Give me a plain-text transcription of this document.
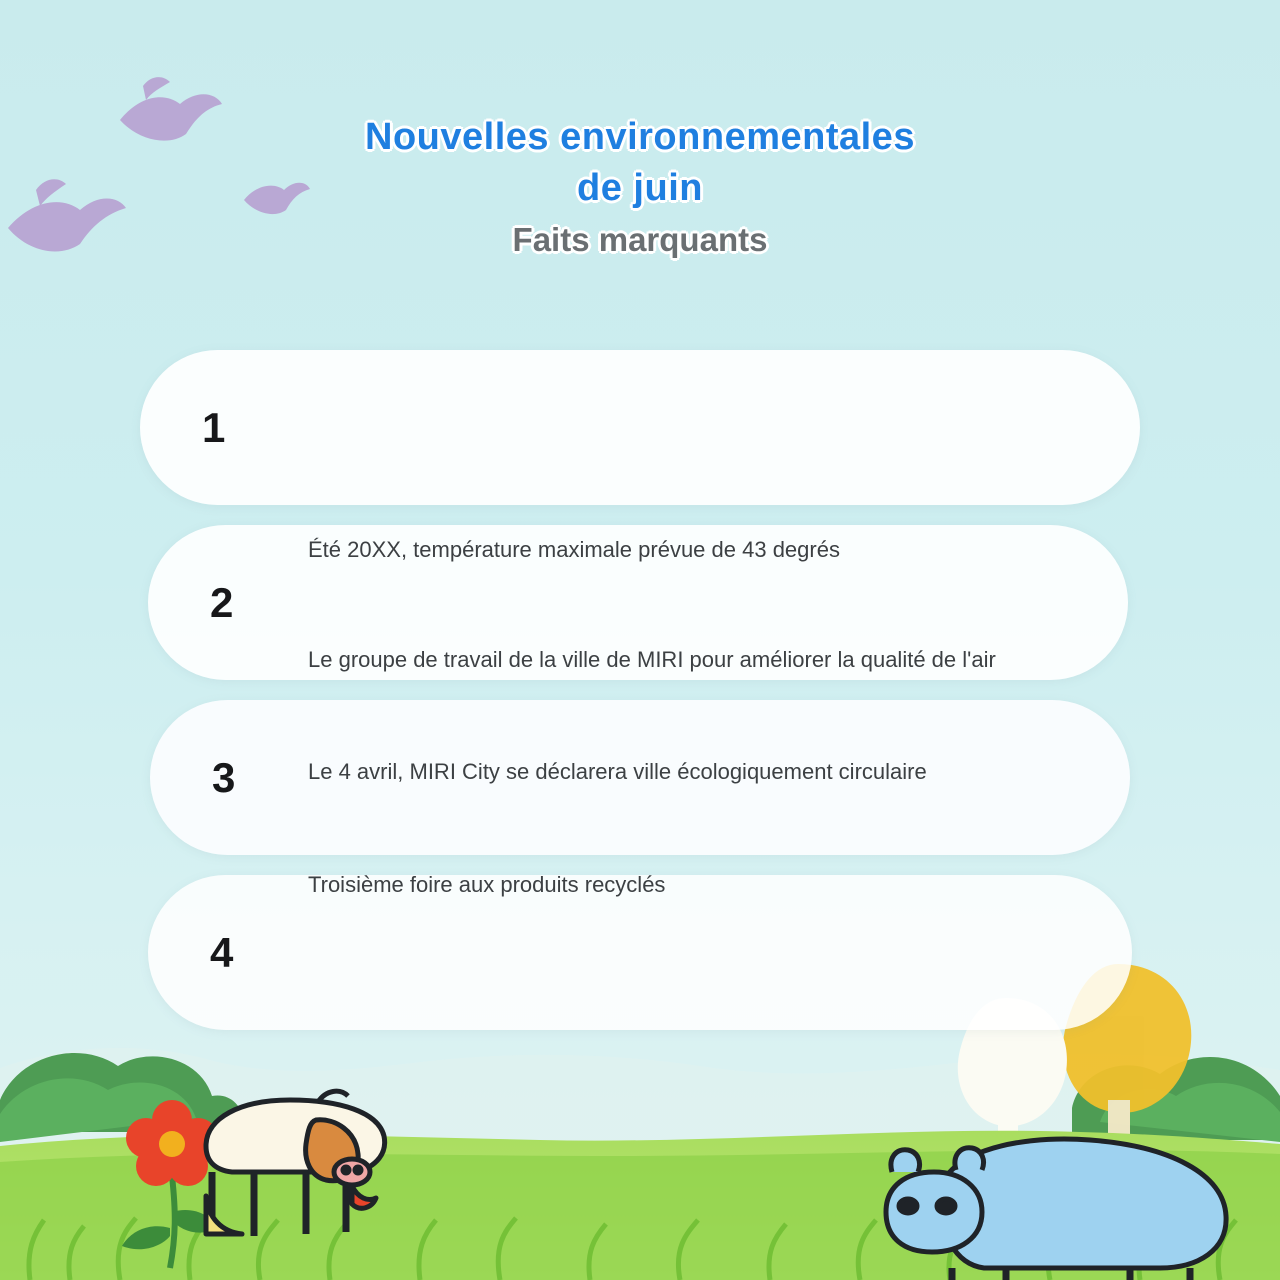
Nouvelles environnementales
de juin
Faits marquants
1
2
3
4
Été 20XX, température maximale prévue de 43 degrés
Le groupe de travail de la ville de MIRI pour améliorer la qualité de l'air
Le 4 avril, MIRI City se déclarera ville écologiquement circulaire
Troisième foire aux produits recyclés
